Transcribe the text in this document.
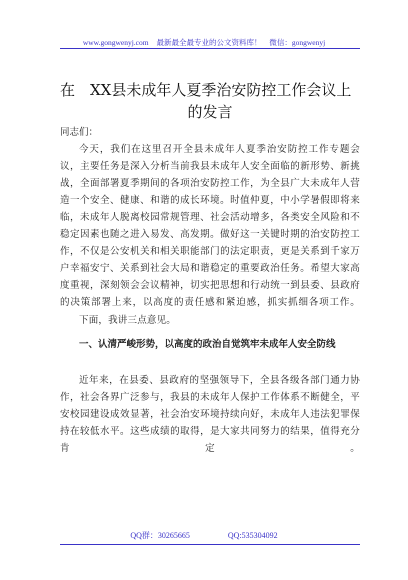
www.gongwenyj.com 最新最全最专业的公文资料库！ 微信：gongwenyj
在　XX县未成年人夏季治安防控工作会议上
的发言
同志们：
今天，我们在这里召开全县未成年人夏季治安防控工作专题会议，主要任务是深入分析当前我县未成年人安全面临的新形势、新挑战，全面部署夏季期间的各项治安防控工作，为全县广大未成年人营造一个安全、健康、和谐的成长环境。时值仲夏，中小学暑假即将来临，未成年人脱离校园常规管理、社会活动增多，各类安全风险和不稳定因素也随之进入易发、高发期。做好这一关键时期的治安防控工作，不仅是公安机关和相关职能部门的法定职责，更是关系到千家万户幸福安宁、关系到社会大局和谐稳定的重要政治任务。希望大家高度重视，深刻领会会议精神，切实把思想和行动统一到县委、县政府的决策部署上来，以高度的责任感和紧迫感，抓实抓细各项工作。
下面，我讲三点意见。
一、认清严峻形势，以高度的政治自觉筑牢未成年人安全防线
近年来，在县委、县政府的坚强领导下，全县各级各部门通力协作，社会各界广泛参与，我县的未成年人保护工作体系不断健全，平安校园建设成效显著，社会治安环境持续向好，未成年人违法犯罪保持在较低水平。这些成绩的取得，是大家共同努力的结果，值得充分肯定。
QQ群：30265665	QQ:535304092
